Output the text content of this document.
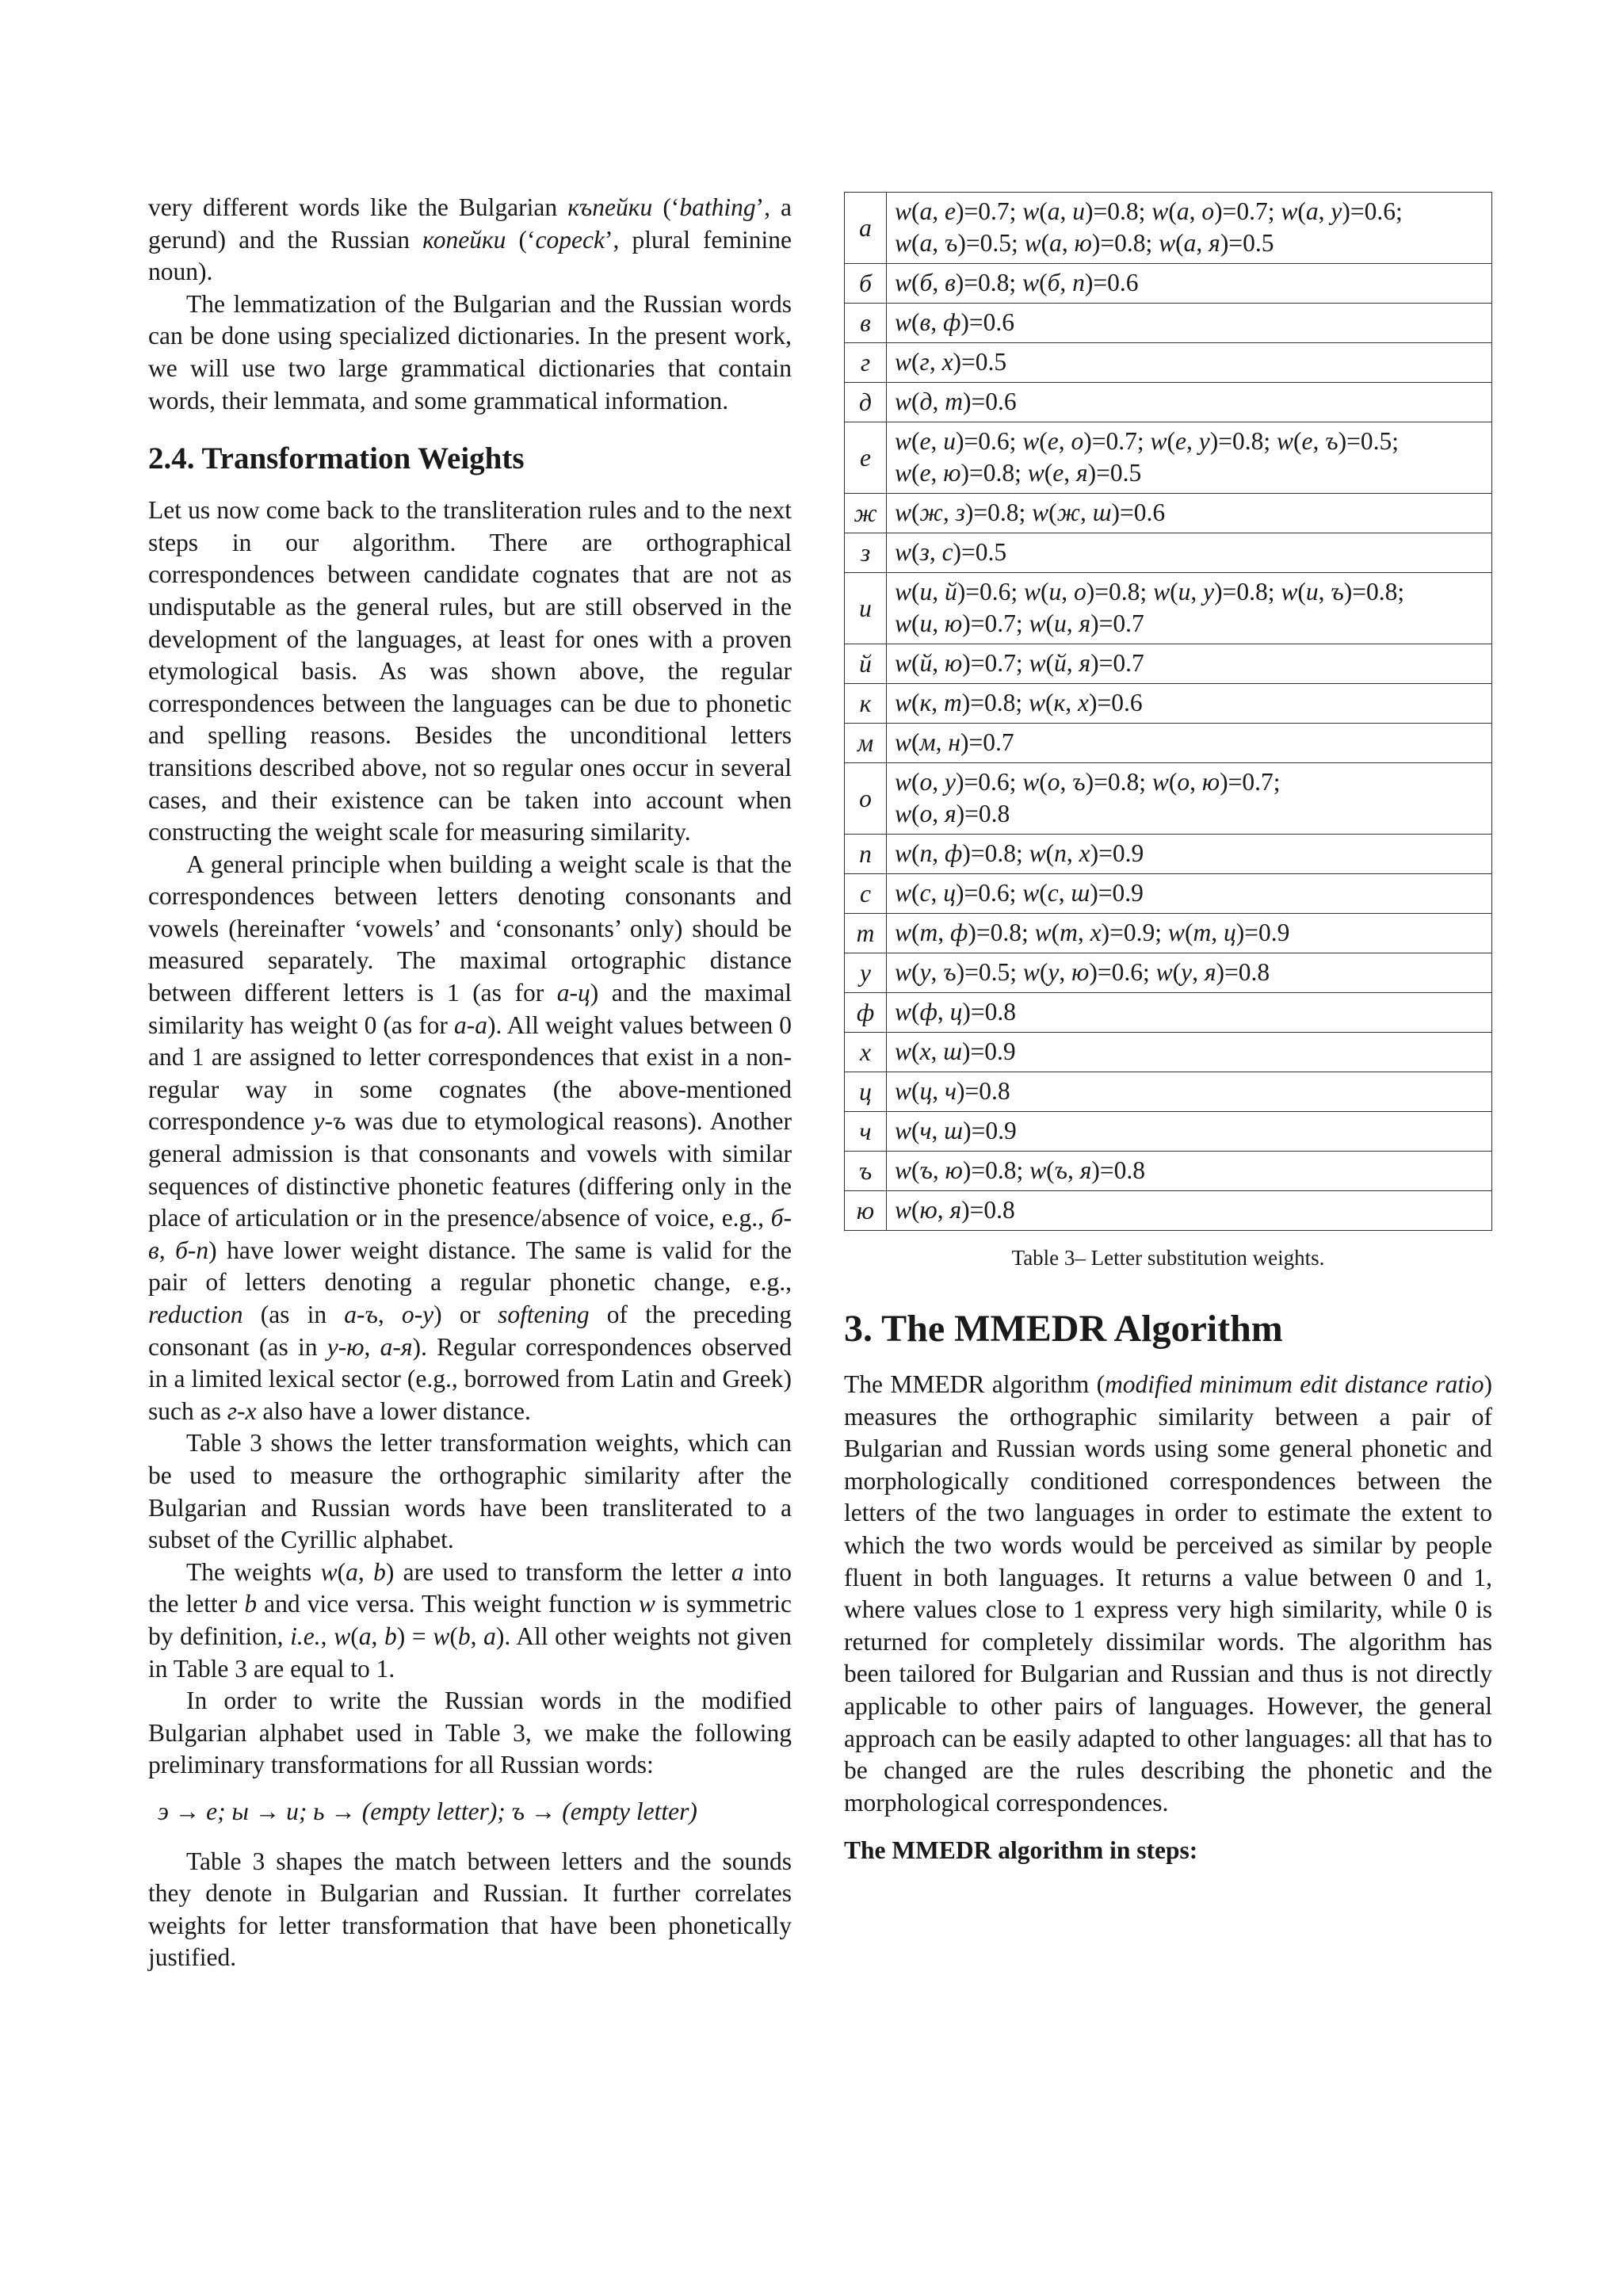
very different words like the Bulgarian къпейки (‘bathing’, a gerund) and the Russian копейки (‘copeck’, plural feminine noun).

The lemmatization of the Bulgarian and the Russian words can be done using specialized dictionaries. In the present work, we will use two large grammatical dictionaries that contain words, their lemmata, and some grammatical information.

2.4. Transformation Weights

Let us now come back to the transliteration rules and to the next steps in our algorithm. There are orthographical correspondences between candidate cognates that are not as undisputable as the general rules, but are still observed in the development of the languages, at least for ones with a proven etymological basis. As was shown above, the regular correspondences between the languages can be due to phonetic and spelling reasons. Besides the unconditional letters transitions described above, not so regular ones occur in several cases, and their existence can be taken into account when constructing the weight scale for measuring similarity.

A general principle when building a weight scale is that the correspondences between letters denoting consonants and vowels (hereinafter ‘vowels’ and ‘consonants’ only) should be measured separately. The maximal ortographic distance between different letters is 1 (as for а-ц) and the maximal similarity has weight 0 (as for а-а). All weight values between 0 and 1 are assigned to letter correspondences that exist in a non-regular way in some cognates (the above-mentioned correspondence у-ъ was due to etymological reasons). Another general admission is that consonants and vowels with similar sequences of distinctive phonetic features (differing only in the place of articulation or in the presence/absence of voice, e.g., б-в, б-п) have lower weight distance. The same is valid for the pair of letters denoting a regular phonetic change, e.g., reduction (as in а-ъ, о-у) or softening of the preceding consonant (as in у-ю, а-я). Regular correspondences observed in a limited lexical sector (e.g., borrowed from Latin and Greek) such as г-х also have a lower distance.

Table 3 shows the letter transformation weights, which can be used to measure the orthographic similarity after the Bulgarian and Russian words have been transliterated to a subset of the Cyrillic alphabet.

The weights w(a, b) are used to transform the letter a into the letter b and vice versa. This weight function w is symmetric by definition, i.e., w(a, b) = w(b, a). All other weights not given in Table 3 are equal to 1.

In order to write the Russian words in the modified Bulgarian alphabet used in Table 3, we make the following preliminary transformations for all Russian words:

э → е; ы → и; ь → (empty letter); ъ → (empty letter)

Table 3 shapes the match between letters and the sounds they denote in Bulgarian and Russian. It further correlates weights for letter transformation that have been phonetically justified.

а	w(а, е)=0.7; w(а, и)=0.8; w(а, о)=0.7; w(а, у)=0.6;
w(а, ъ)=0.5; w(а, ю)=0.8; w(а, я)=0.5
б	w(б, в)=0.8; w(б, п)=0.6
в	w(в, ф)=0.6
г	w(г, х)=0.5
д	w(д, т)=0.6
е	w(е, и)=0.6; w(е, о)=0.7; w(е, у)=0.8; w(е, ъ)=0.5;
w(е, ю)=0.8; w(е, я)=0.5
ж	w(ж, з)=0.8; w(ж, ш)=0.6
з	w(з, с)=0.5
и	w(и, й)=0.6; w(и, о)=0.8; w(и, у)=0.8; w(и, ъ)=0.8;
w(и, ю)=0.7; w(и, я)=0.7
й	w(й, ю)=0.7; w(й, я)=0.7
к	w(к, т)=0.8; w(к, х)=0.6
м	w(м, н)=0.7
о	w(о, у)=0.6; w(о, ъ)=0.8; w(о, ю)=0.7;
w(о, я)=0.8
п	w(п, ф)=0.8; w(п, х)=0.9
с	w(с, ц)=0.6; w(с, ш)=0.9
т	w(т, ф)=0.8; w(т, х)=0.9; w(т, ц)=0.9
у	w(у, ъ)=0.5; w(у, ю)=0.6; w(у, я)=0.8
ф	w(ф, ц)=0.8
х	w(х, ш)=0.9
ц	w(ц, ч)=0.8
ч	w(ч, ш)=0.9
ъ	w(ъ, ю)=0.8; w(ъ, я)=0.8
ю	w(ю, я)=0.8
Table 3– Letter substitution weights.
3. The MMEDR Algorithm

The MMEDR algorithm (modified minimum edit distance ratio) measures the orthographic similarity between a pair of Bulgarian and Russian words using some general phonetic and morphologically conditioned correspondences between the letters of the two languages in order to estimate the extent to which the two words would be perceived as similar by people fluent in both languages. It returns a value between 0 and 1, where values close to 1 express very high similarity, while 0 is returned for completely dissimilar words. The algorithm has been tailored for Bulgarian and Russian and thus is not directly applicable to other pairs of languages. However, the general approach can be easily adapted to other languages: all that has to be changed are the rules describing the phonetic and the morphological correspondences.

The MMEDR algorithm in steps:
